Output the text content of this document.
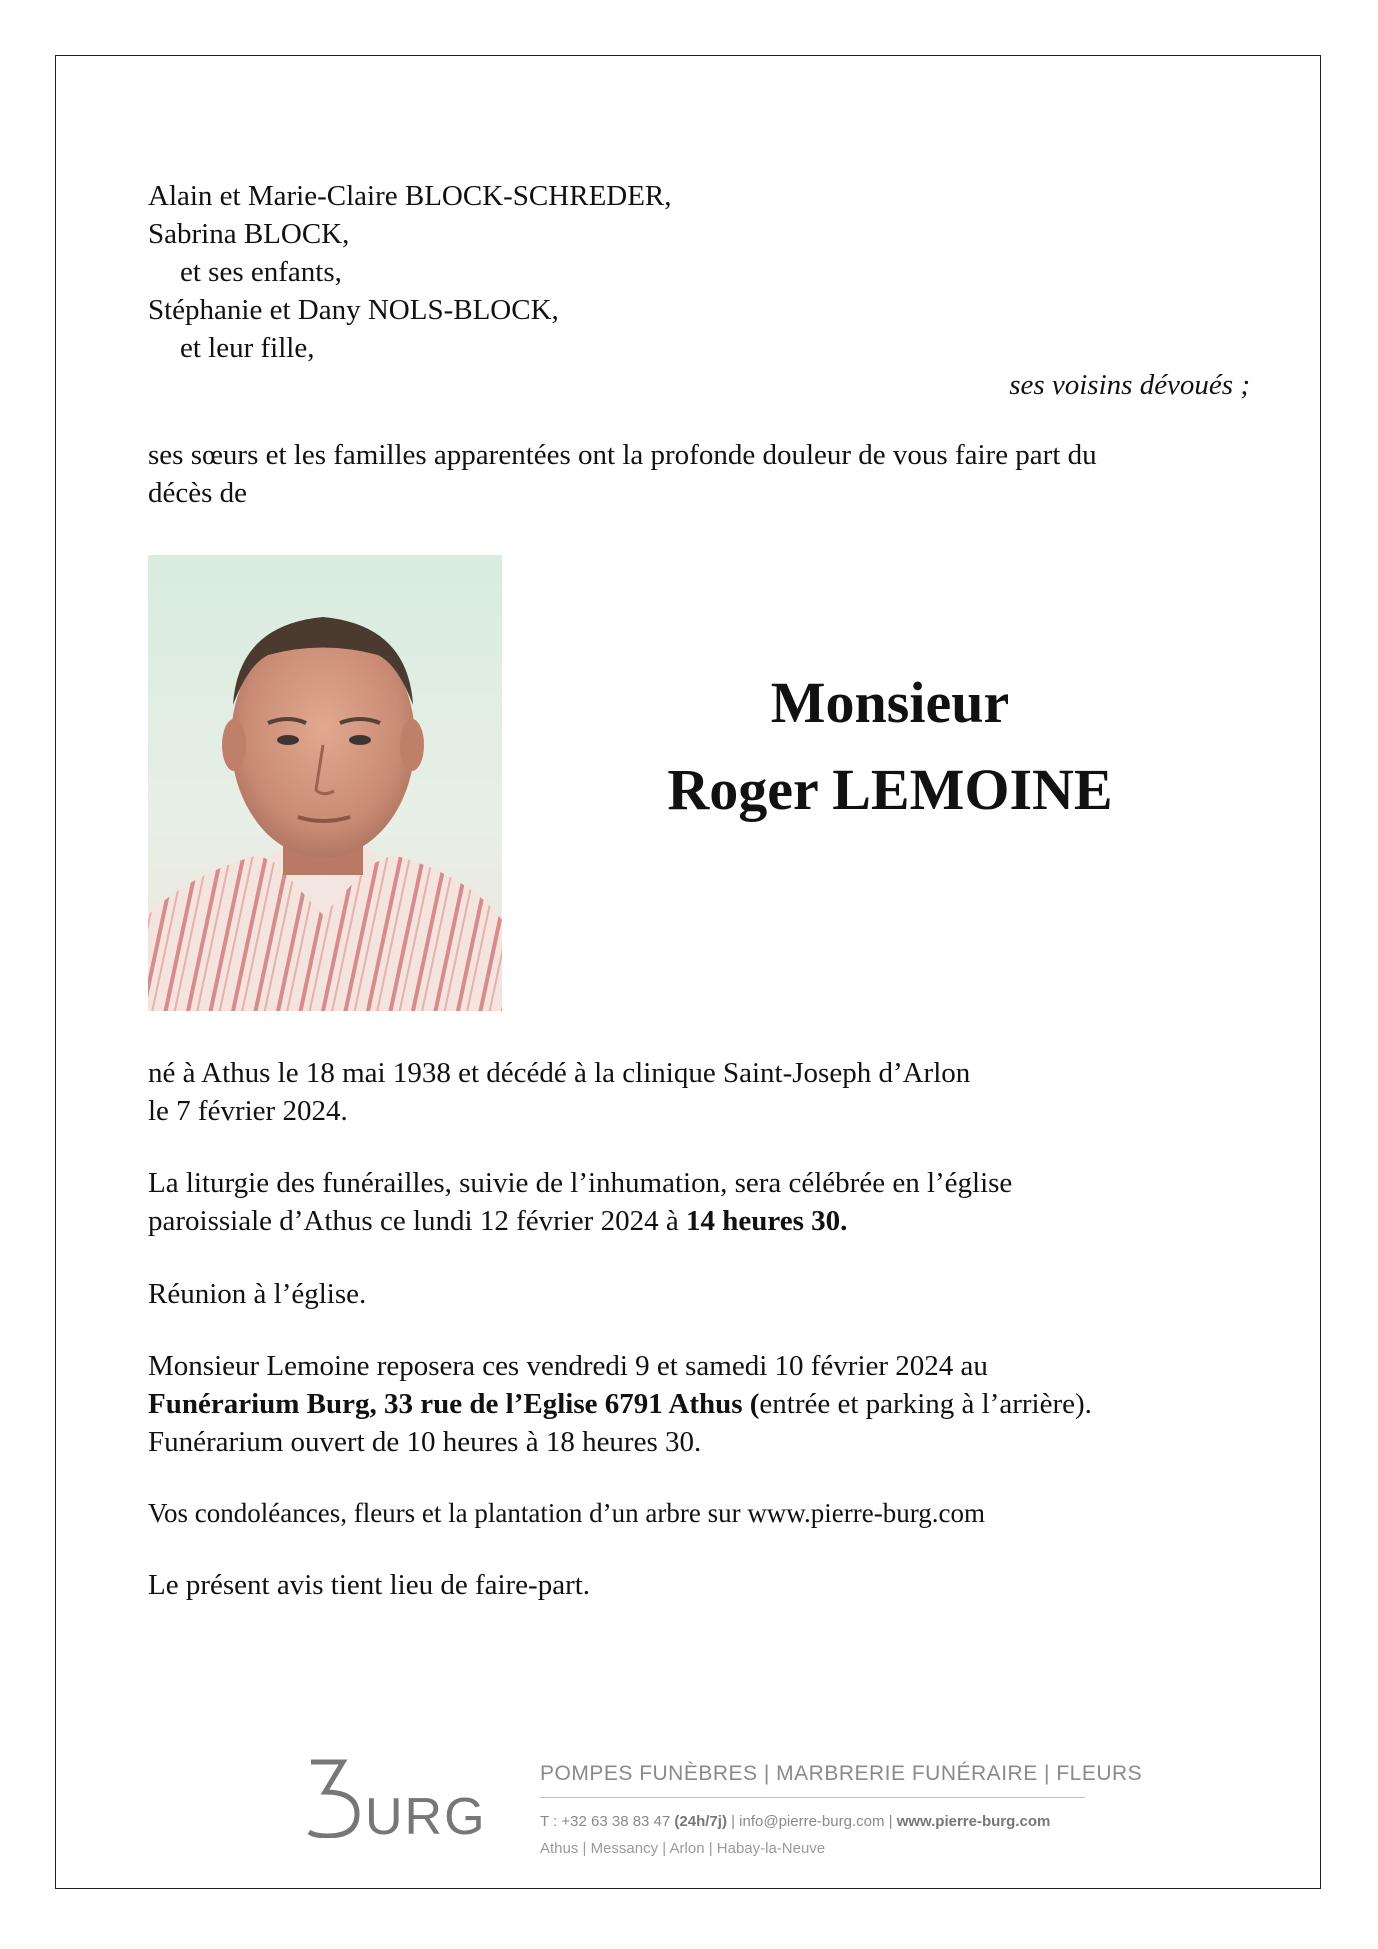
Alain et Marie-Claire BLOCK-SCHREDER,
Sabrina BLOCK,
et ses enfants,
Stéphanie et Dany NOLS-BLOCK,
et leur fille,
ses voisins dévoués ;
ses sœurs et les familles apparentées ont la profonde douleur de vous faire part du
décès de
Monsieur
Roger LEMOINE
né à Athus le 18 mai 1938 et décédé à la clinique Saint-Joseph d’Arlon
le 7 février 2024.
La liturgie des funérailles, suivie de l’inhumation, sera célébrée en l’église
paroissiale d’Athus ce lundi 12 février 2024 à 14 heures 30.
Réunion à l’église.
Monsieur Lemoine reposera ces vendredi 9 et samedi 10 février 2024 au
Funérarium Burg, 33 rue de l’Eglise 6791 Athus (entrée et parking à l’arrière).
Funérarium ouvert de 10 heures à 18 heures 30.
Vos condoléances, fleurs et la plantation d’un arbre sur www.pierre-burg.com
Le présent avis tient lieu de faire-part.
URG
POMPES FUNÈBRES | MARBRERIE FUNÉRAIRE | FLEURS
T : +32 63 38 83 47 (24h/7j) | info@pierre-burg.com | www.pierre-burg.com
Athus | Messancy | Arlon | Habay-la-Neuve
